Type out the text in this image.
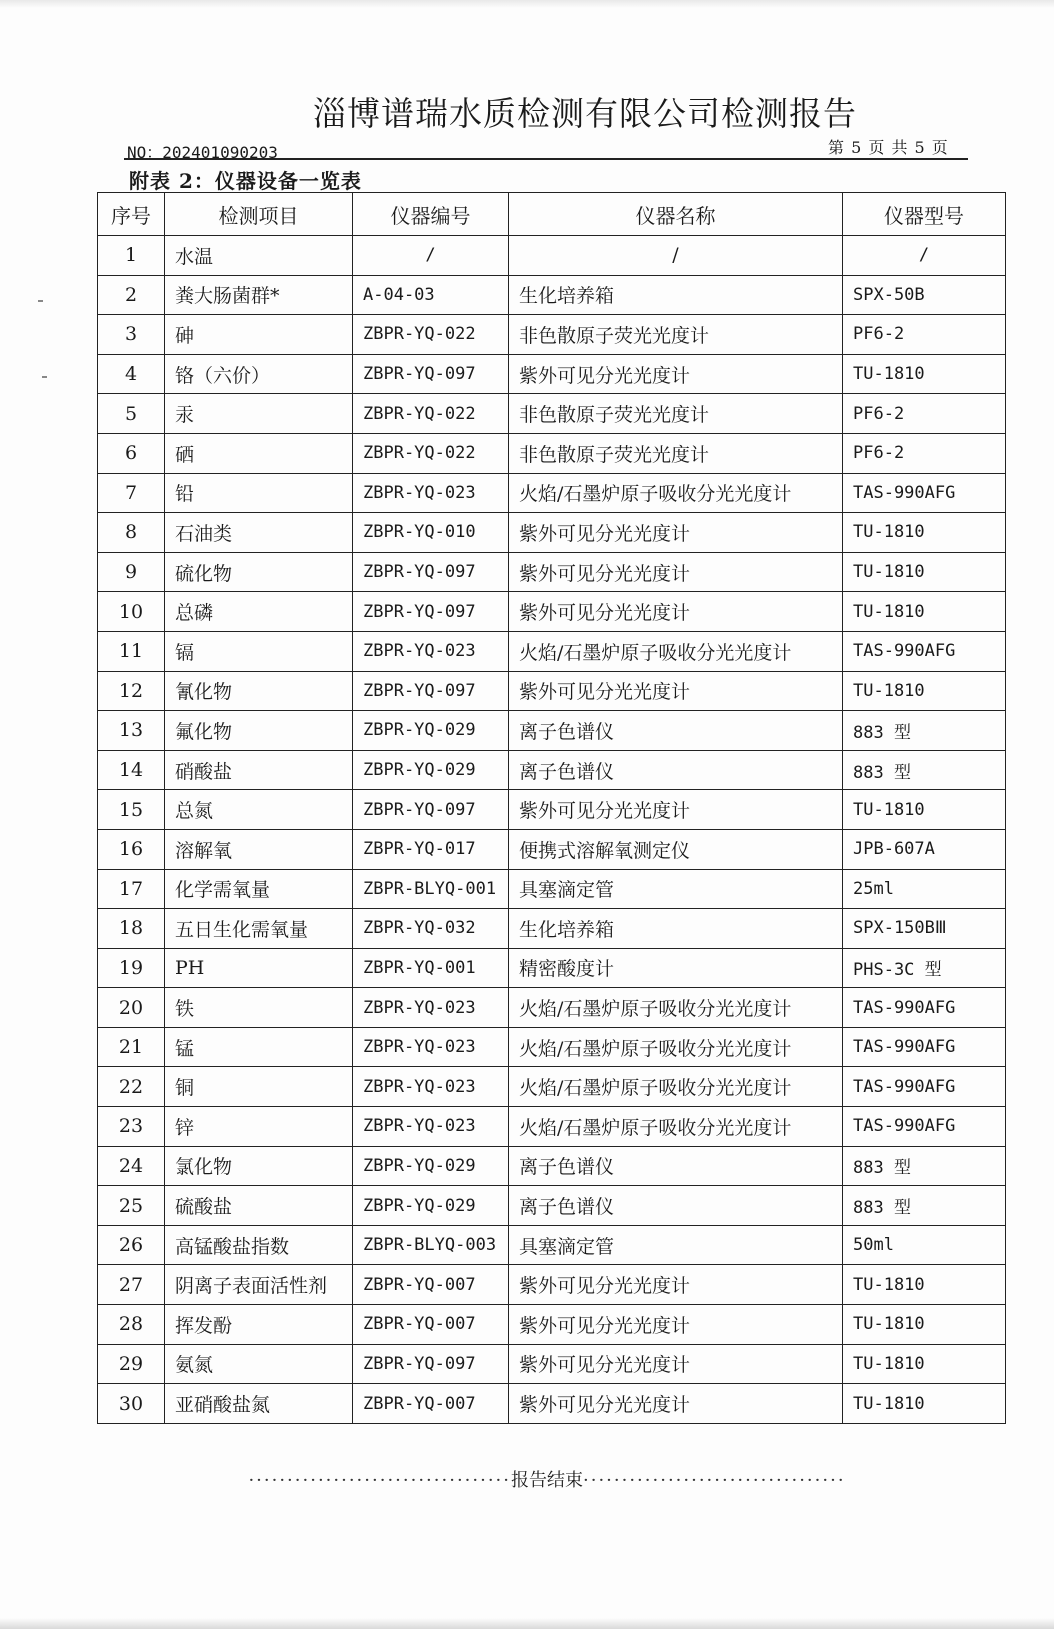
淄博谱瑞水质检测有限公司检测报告
NO：202401090203	第 5 页 共 5 页
附表 2：仪器设备一览表
序号	检测项目	仪器编号	仪器名称	仪器型号
1	水温	/	/	/
2	粪大肠菌群*	A-04-03	生化培养箱	SPX-50B
3	砷	ZBPR-YQ-022	非色散原子荧光光度计	PF6-2
4	铬（六价）	ZBPR-YQ-097	紫外可见分光光度计	TU-1810
5	汞	ZBPR-YQ-022	非色散原子荧光光度计	PF6-2
6	硒	ZBPR-YQ-022	非色散原子荧光光度计	PF6-2
7	铅	ZBPR-YQ-023	火焰/石墨炉原子吸收分光光度计	TAS-990AFG
8	石油类	ZBPR-YQ-010	紫外可见分光光度计	TU-1810
9	硫化物	ZBPR-YQ-097	紫外可见分光光度计	TU-1810
10	总磷	ZBPR-YQ-097	紫外可见分光光度计	TU-1810
11	镉	ZBPR-YQ-023	火焰/石墨炉原子吸收分光光度计	TAS-990AFG
12	氰化物	ZBPR-YQ-097	紫外可见分光光度计	TU-1810
13	氟化物	ZBPR-YQ-029	离子色谱仪	883 型
14	硝酸盐	ZBPR-YQ-029	离子色谱仪	883 型
15	总氮	ZBPR-YQ-097	紫外可见分光光度计	TU-1810
16	溶解氧	ZBPR-YQ-017	便携式溶解氧测定仪	JPB-607A
17	化学需氧量	ZBPR-BLYQ-001	具塞滴定管	25ml
18	五日生化需氧量	ZBPR-YQ-032	生化培养箱	SPX-150BⅢ
19	PH	ZBPR-YQ-001	精密酸度计	PHS-3C 型
20	铁	ZBPR-YQ-023	火焰/石墨炉原子吸收分光光度计	TAS-990AFG
21	锰	ZBPR-YQ-023	火焰/石墨炉原子吸收分光光度计	TAS-990AFG
22	铜	ZBPR-YQ-023	火焰/石墨炉原子吸收分光光度计	TAS-990AFG
23	锌	ZBPR-YQ-023	火焰/石墨炉原子吸收分光光度计	TAS-990AFG
24	氯化物	ZBPR-YQ-029	离子色谱仪	883 型
25	硫酸盐	ZBPR-YQ-029	离子色谱仪	883 型
26	高锰酸盐指数	ZBPR-BLYQ-003	具塞滴定管	50ml
27	阴离子表面活性剂	ZBPR-YQ-007	紫外可见分光光度计	TU-1810
28	挥发酚	ZBPR-YQ-007	紫外可见分光光度计	TU-1810
29	氨氮	ZBPR-YQ-097	紫外可见分光光度计	TU-1810
30	亚硝酸盐氮	ZBPR-YQ-007	紫外可见分光光度计	TU-1810
··································报告结束··································
